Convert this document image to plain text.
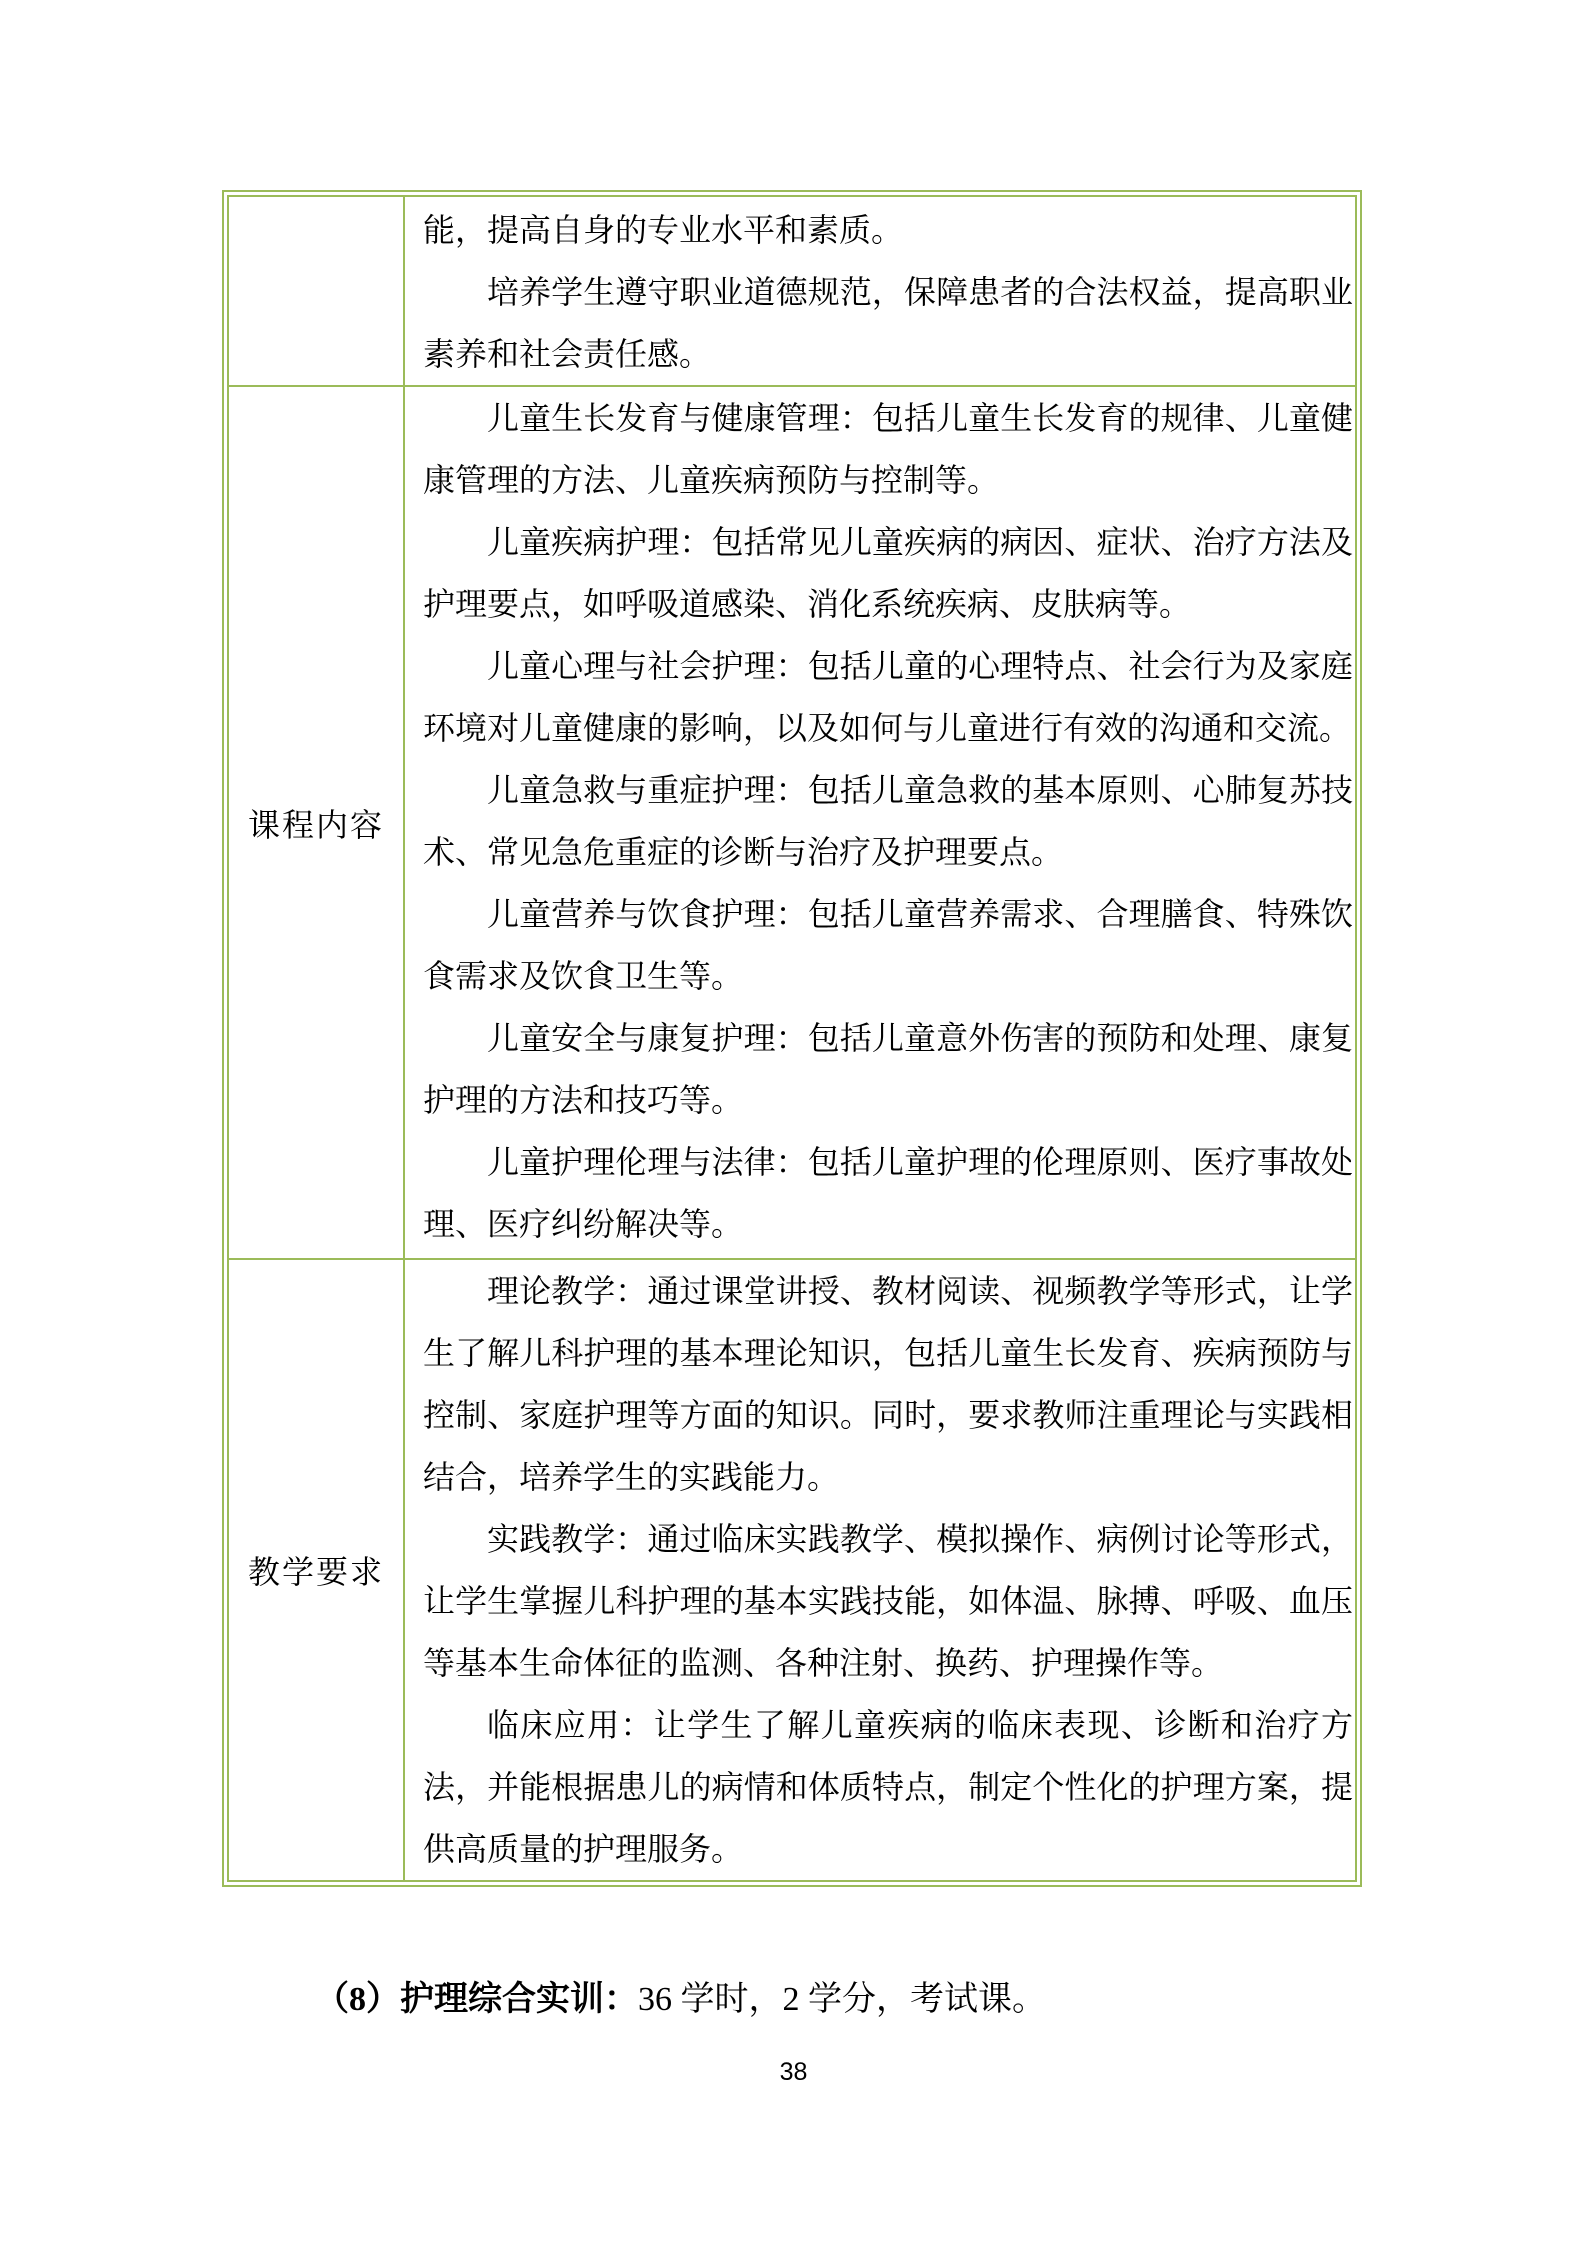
能，提高自身的专业水平和素质。

培养学生遵守职业道德规范，保障患者的合法权益，提高职业素养和社会责任感。

课程内容

儿童生长发育与健康管理：包括儿童生长发育的规律、儿童健康管理的方法、儿童疾病预防与控制等。

儿童疾病护理：包括常见儿童疾病的病因、症状、治疗方法及护理要点，如呼吸道感染、消化系统疾病、皮肤病等。

儿童心理与社会护理：包括儿童的心理特点、社会行为及家庭环境对儿童健康的影响，以及如何与儿童进行有效的沟通和交流。

儿童急救与重症护理：包括儿童急救的基本原则、心肺复苏技术、常见急危重症的诊断与治疗及护理要点。

儿童营养与饮食护理：包括儿童营养需求、合理膳食、特殊饮食需求及饮食卫生等。

儿童安全与康复护理：包括儿童意外伤害的预防和处理、康复护理的方法和技巧等。

儿童护理伦理与法律：包括儿童护理的伦理原则、医疗事故处理、医疗纠纷解决等。

教学要求

理论教学：通过课堂讲授、教材阅读、视频教学等形式，让学生了解儿科护理的基本理论知识，包括儿童生长发育、疾病预防与控制、家庭护理等方面的知识。同时，要求教师注重理论与实践相结合，培养学生的实践能力。

实践教学：通过临床实践教学、模拟操作、病例讨论等形式，让学生掌握儿科护理的基本实践技能，如体温、脉搏、呼吸、血压等基本生命体征的监测、各种注射、换药、护理操作等。

临床应用：让学生了解儿童疾病的临床表现、诊断和治疗方法，并能根据患儿的病情和体质特点，制定个性化的护理方案，提供高质量的护理服务。

（8）护理综合实训：36 学时，2 学分，考试课。

38
